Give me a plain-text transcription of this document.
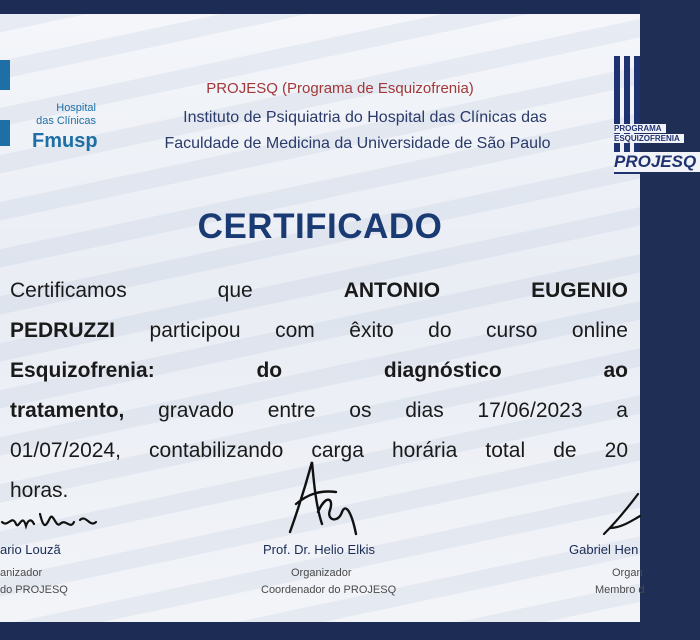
Hospital
das Clínicas
Fmusp
PROJESQ (Programa de Esquizofrenia)
Instituto de Psiquiatria do Hospital das Clínicas das
Faculdade de Medicina da Universidade de São Paulo
PROGRAMA
ESQUIZOFRENIA
PROJESQ
CERTIFICADO
Certificamos	que	ANTONIO	EUGENIO
PEDRUZZI participou com êxito do curso online
Esquizofrenia:	do	diagnóstico	ao
tratamento, gravado entre os dias 17/06/2023 a
01/07/2024, contabilizando carga horária total de 20
horas.
ario Louzã
anizador
do PROJESQ
Prof. Dr. Helio Elkis
Organizador
Coordenador do PROJESQ
Gabriel Hen
Organ
Membro d
